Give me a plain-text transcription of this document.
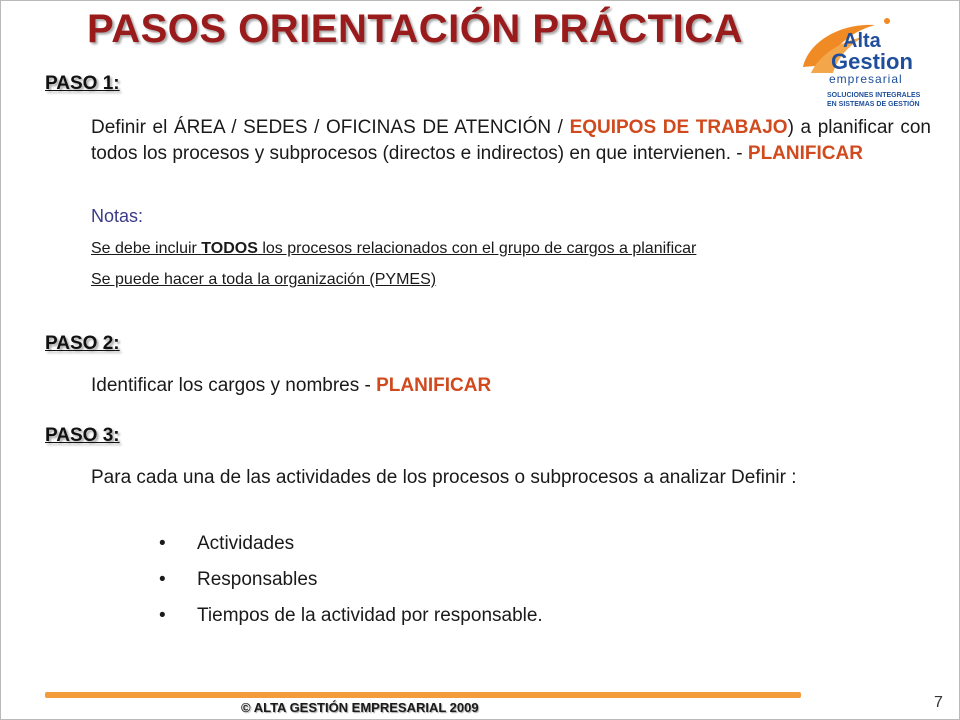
PASOS ORIENTACIÓN PRÁCTICA	Alta
Gestion
empresarial
SOLUCIONES INTEGRALES
EN SISTEMAS DE GESTIÓN
PASO 1:
Definir el ÁREA / SEDES / OFICINAS DE ATENCIÓN / EQUIPOS DE TRABAJO) a planificar con todos los procesos y subprocesos (directos e indirectos) en que intervienen. - PLANIFICAR
Notas:
Se debe incluir TODOS los procesos relacionados con el grupo de cargos a planificar
Se puede hacer a toda la organización (PYMES)
PASO 2:
Identificar los cargos y nombres - PLANIFICAR
PASO 3:
Para cada una de las actividades de los procesos o subprocesos a analizar Definir :
• Actividades
• Responsables
• Tiempos de la actividad por responsable.
© ALTA GESTIÓN EMPRESARIAL 2009	7
